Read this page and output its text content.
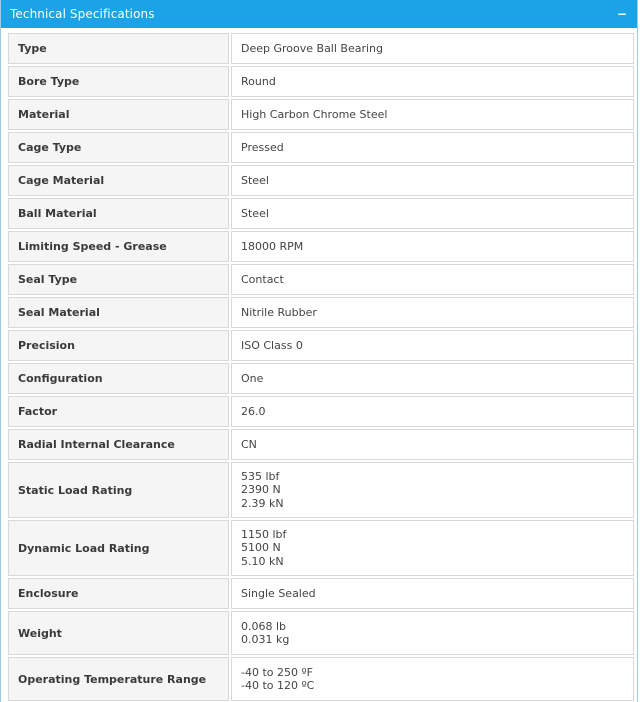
Technical Specifications	−
Type	Deep Groove Ball Bearing

Bore Type	Round

Material	High Carbon Chrome Steel

Cage Type	Pressed

Cage Material	Steel

Ball Material	Steel

Limiting Speed - Grease	18000 RPM

Seal Type	Contact

Seal Material	Nitrile Rubber

Precision	ISO Class 0

Configuration	One

Factor	26.0

Radial Internal Clearance	CN

Static Load Rating	535 lbf
2390 N
2.39 kN

Dynamic Load Rating	1150 lbf
5100 N
5.10 kN

Enclosure	Single Sealed

Weight	0.068 lb
0.031 kg

Operating Temperature Range	-40 to 250 ºF
-40 to 120 ºC
